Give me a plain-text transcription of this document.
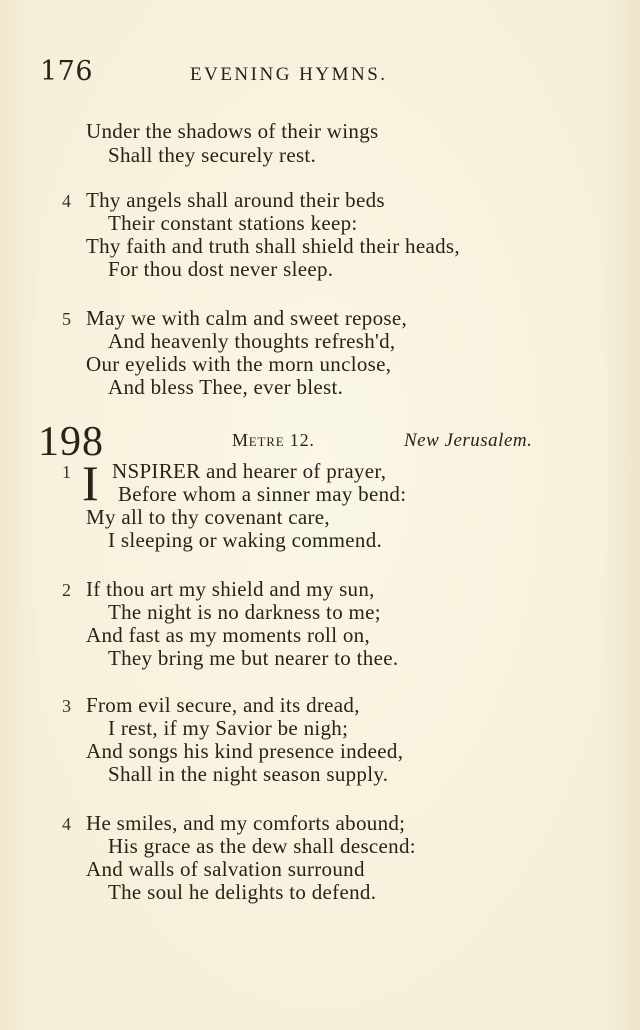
176	EVENING HYMNS.
Under the shadows of their wings
Shall they securely rest.
4 Thy angels shall around their beds
Their constant stations keep:
Thy faith and truth shall shield their heads,
For thou dost never sleep.
5 May we with calm and sweet repose,
And heavenly thoughts refresh'd,
Our eyelids with the morn unclose,
And bless Thee, ever blest.
198	Metre 12.	New Jerusalem.
1 I NSPIRER and hearer of prayer,
Before whom a sinner may bend:
My all to thy covenant care,
I sleeping or waking commend.
2 If thou art my shield and my sun,
The night is no darkness to me;
And fast as my moments roll on,
They bring me but nearer to thee.
3 From evil secure, and its dread,
I rest, if my Savior be nigh;
And songs his kind presence indeed,
Shall in the night season supply.
4 He smiles, and my comforts abound;
His grace as the dew shall descend:
And walls of salvation surround
The soul he delights to defend.
